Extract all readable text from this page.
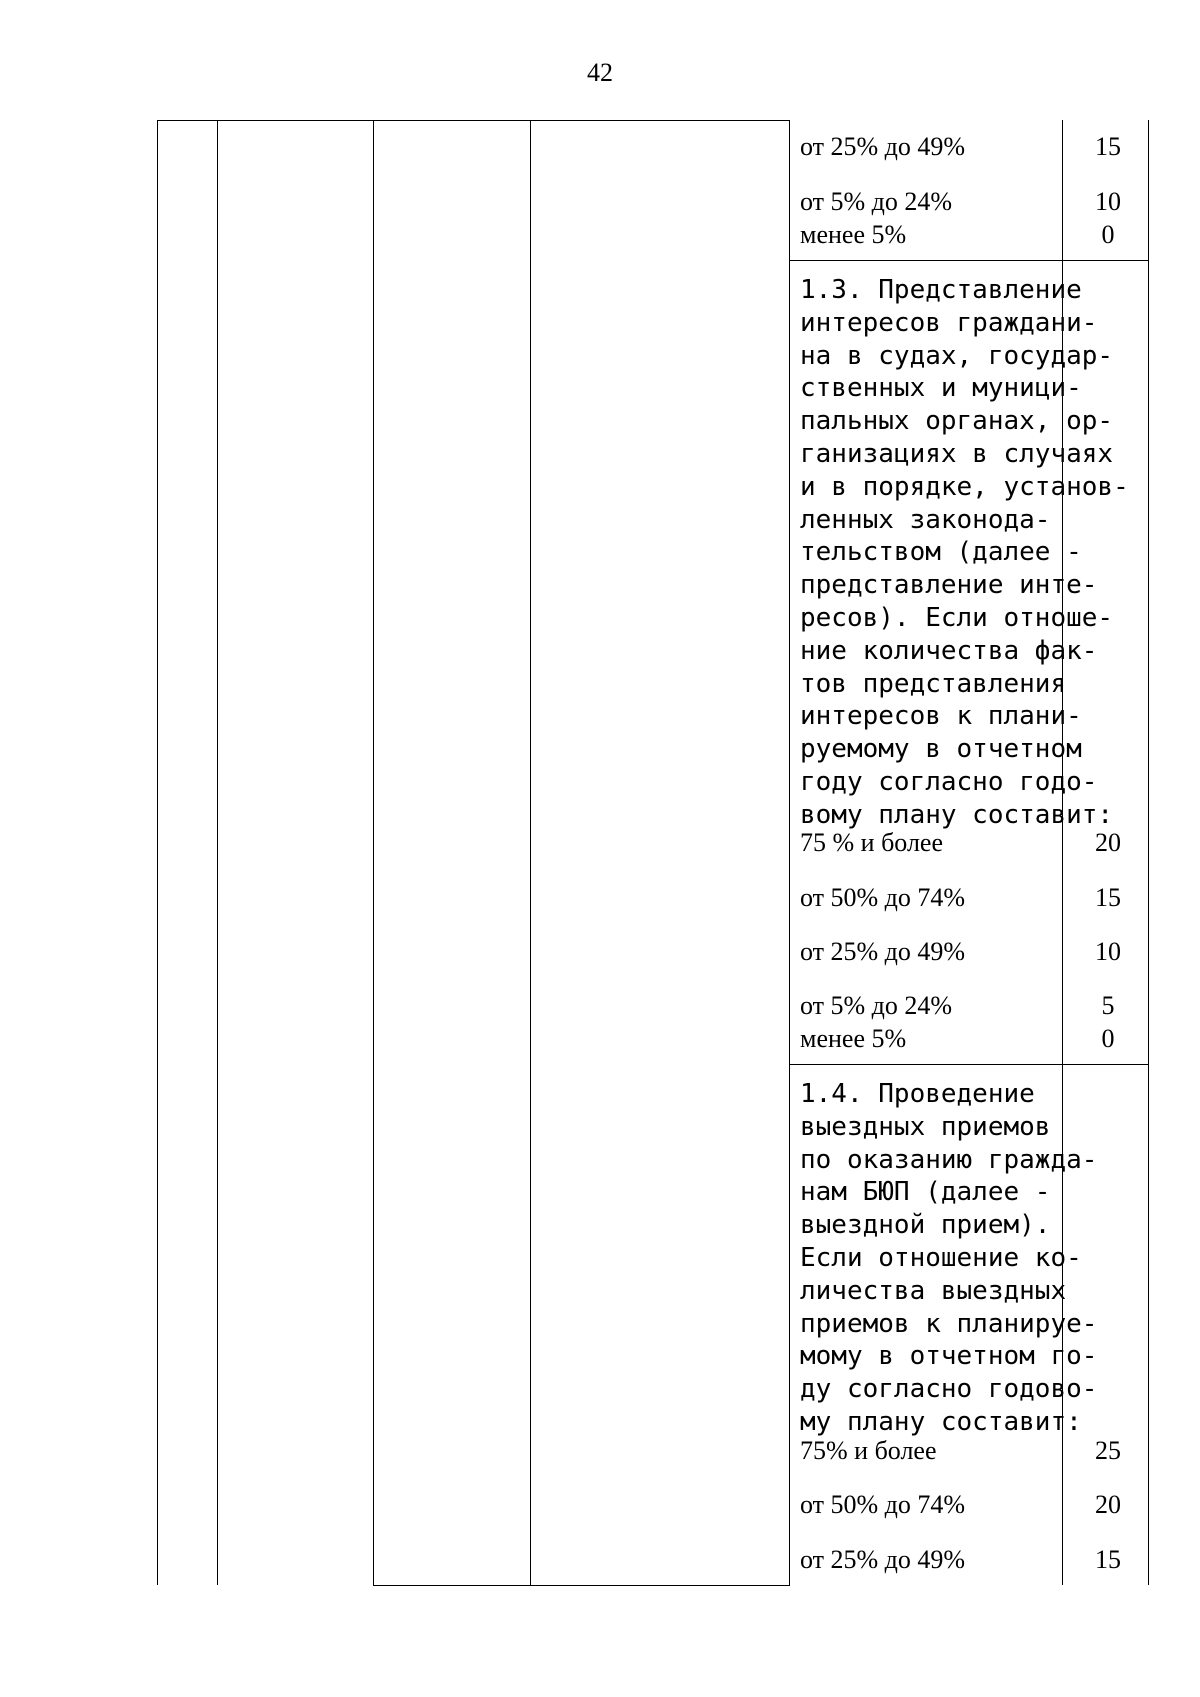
42
от 25% до 49%	15
от 5% до 24%	10
менее 5%	0
1.3. Представление
интересов граждани-
на в судах, государ-
ственных и муници-
пальных органах, ор-
ганизациях в случаях
и в порядке, установ-
ленных законода-
тельством (далее -
представление инте-
ресов). Если отноше-
ние количества фак-
тов представления
интересов к плани-
руемому в отчетном
году согласно годо-
вому плану составит:
75 % и более	20
от 50% до 74%	15
от 25% до 49%	10
от 5% до 24%	5
менее 5%	0
1.4. Проведение
выездных приемов
по оказанию гражда-
нам БЮП (далее -
выездной прием).
Если отношение ко-
личества выездных
приемов к планируе-
мому в отчетном го-
ду согласно годово-
му плану составит:
75% и более	25
от 50% до 74%	20
от 25% до 49%	15
